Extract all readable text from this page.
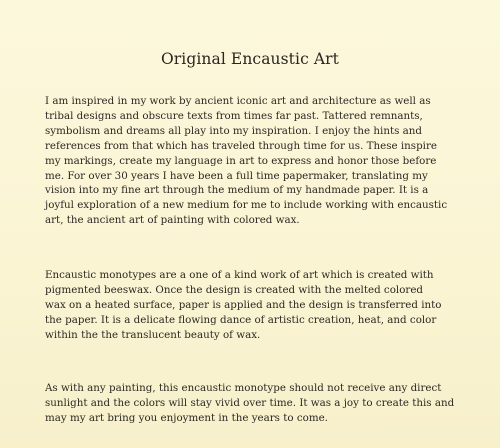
Original Encaustic Art
I am inspired in my work by ancient iconic art and architecture as well as
tribal designs and obscure texts from times far past. Tattered remnants,
symbolism and dreams all play into my inspiration. I enjoy the hints and
references from that which has traveled through time for us. These inspire
my markings, create my language in art to express and honor those before
me. For over 30 years I have been a full time papermaker, translating my
vision into my fine art through the medium of my handmade paper. It is a
joyful exploration of a new medium for me to include working with encaustic
art, the ancient art of painting with colored wax.
Encaustic monotypes are a one of a kind work of art which is created with
pigmented beeswax. Once the design is created with the melted colored
wax on a heated surface, paper is applied and the design is transferred into
the paper. It is a delicate flowing dance of artistic creation, heat, and color
within the the translucent beauty of wax.
As with any painting, this encaustic monotype should not receive any direct
sunlight and the colors will stay vivid over time. It was a joy to create this and
may my art bring you enjoyment in the years to come.
